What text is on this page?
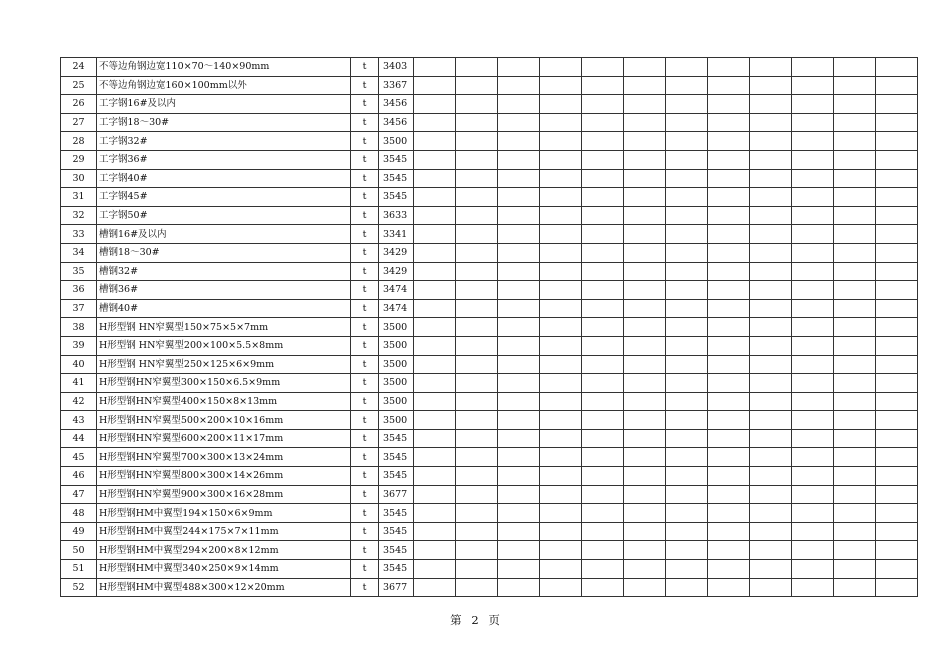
24	不等边角钢边宽110×70～140×90mm	t	3403												
25	不等边角钢边宽160×100mm以外	t	3367												
26	工字钢16#及以内	t	3456												
27	工字钢18～30#	t	3456												
28	工字钢32#	t	3500												
29	工字钢36#	t	3545												
30	工字钢40#	t	3545												
31	工字钢45#	t	3545												
32	工字钢50#	t	3633												
33	槽钢16#及以内	t	3341												
34	槽钢18～30#	t	3429												
35	槽钢32#	t	3429												
36	槽钢36#	t	3474												
37	槽钢40#	t	3474												
38	H形型钢 HN窄翼型150×75×5×7mm	t	3500												
39	H形型钢 HN窄翼型200×100×5.5×8mm	t	3500												
40	H形型钢 HN窄翼型250×125×6×9mm	t	3500												
41	H形型钢HN窄翼型300×150×6.5×9mm	t	3500												
42	H形型钢HN窄翼型400×150×8×13mm	t	3500												
43	H形型钢HN窄翼型500×200×10×16mm	t	3500												
44	H形型钢HN窄翼型600×200×11×17mm	t	3545												
45	H形型钢HN窄翼型700×300×13×24mm	t	3545												
46	H形型钢HN窄翼型800×300×14×26mm	t	3545												
47	H形型钢HN窄翼型900×300×16×28mm	t	3677												
48	H形型钢HM中翼型194×150×6×9mm	t	3545												
49	H形型钢HM中翼型244×175×7×11mm	t	3545												
50	H形型钢HM中翼型294×200×8×12mm	t	3545												
51	H形型钢HM中翼型340×250×9×14mm	t	3545												
52	H形型钢HM中翼型488×300×12×20mm	t	3677												
第 2 页
